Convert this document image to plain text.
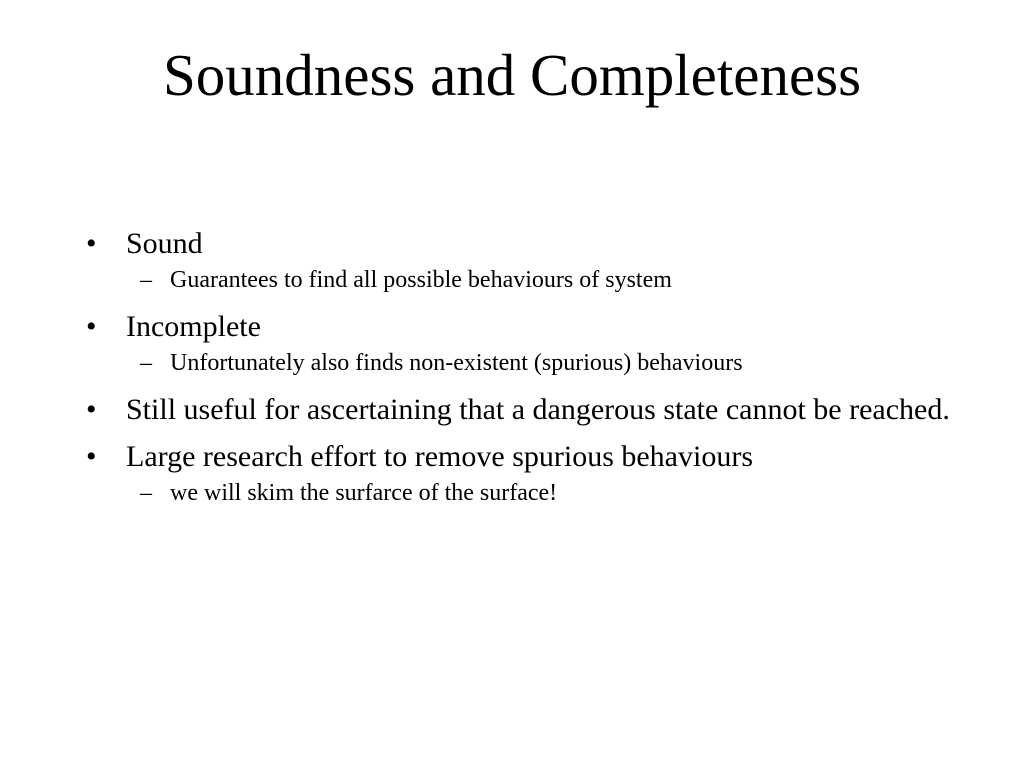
Soundness and Completeness
• Sound
– Guarantees to find all possible behaviours of system
• Incomplete
– Unfortunately also finds non-existent (spurious) behaviours
• Still useful for ascertaining that a dangerous state cannot be reached.
• Large research effort to remove spurious behaviours
– we will skim the surfarce of the surface!
